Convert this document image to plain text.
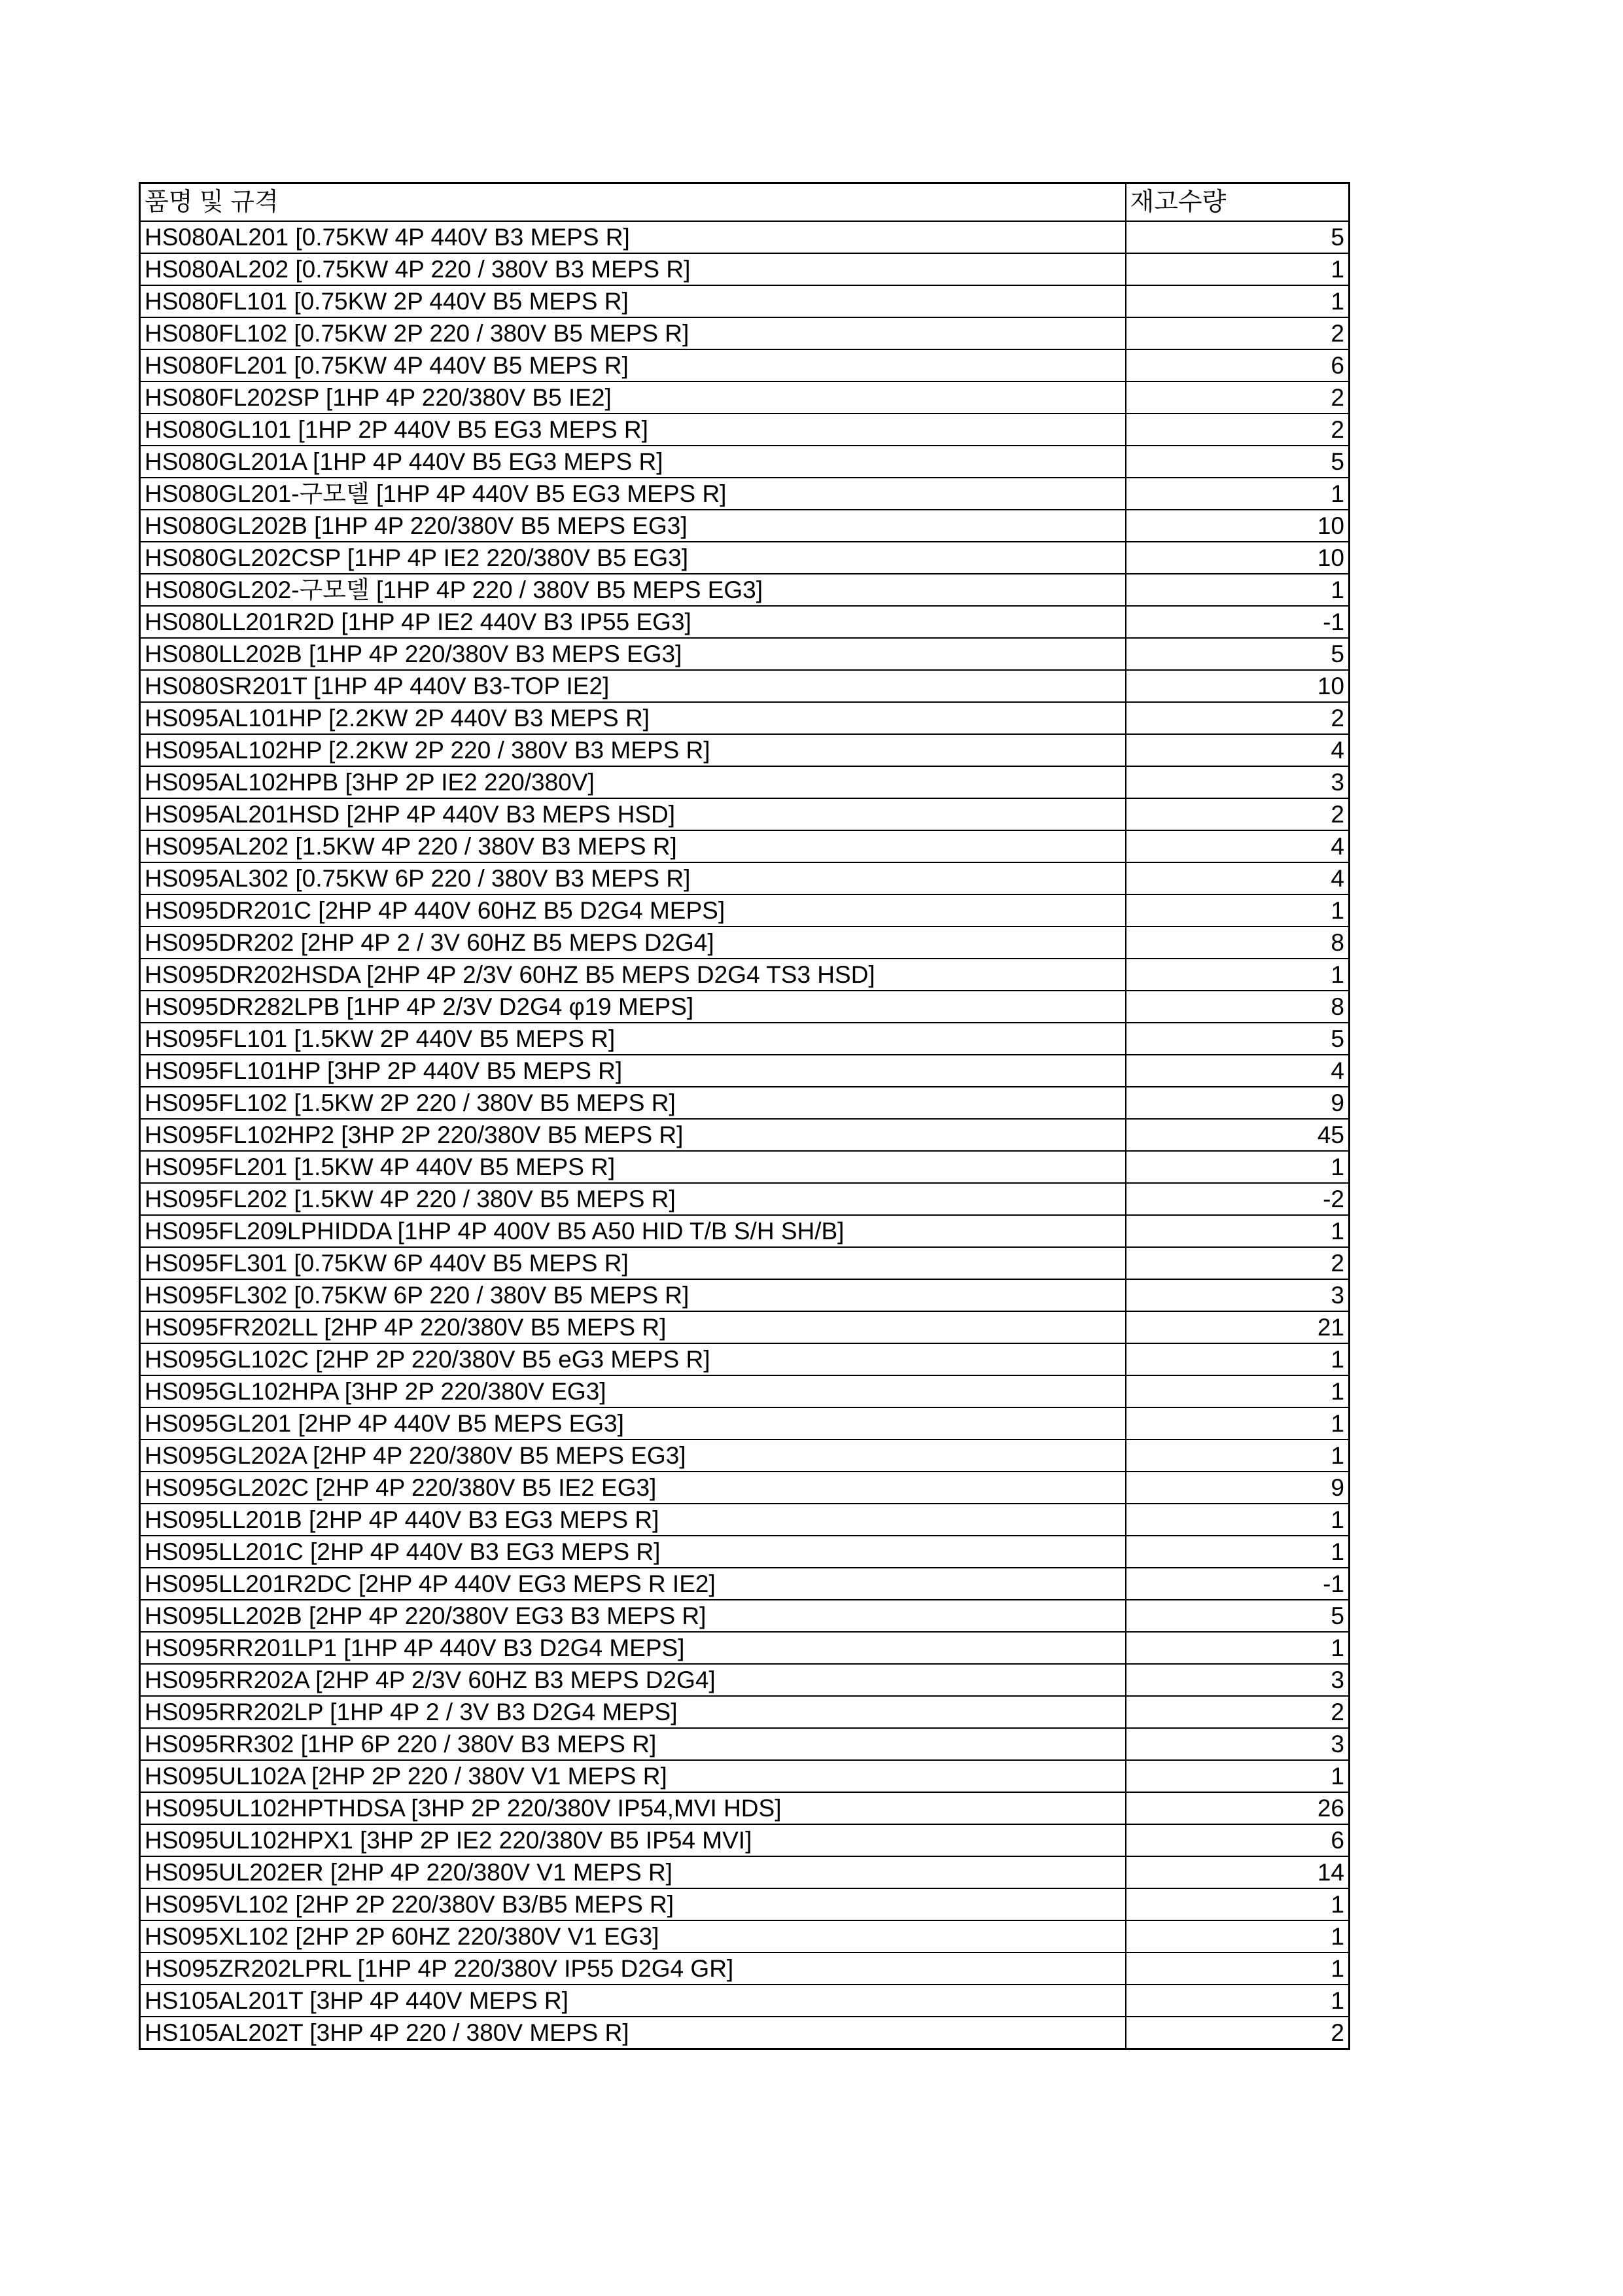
품명 및 규격	재고수량
HS080AL201 [0.75KW 4P 440V B3 MEPS R]	5
HS080AL202 [0.75KW 4P 220 / 380V B3 MEPS R]	1
HS080FL101 [0.75KW 2P 440V B5 MEPS R]	1
HS080FL102 [0.75KW 2P 220 / 380V B5 MEPS R]	2
HS080FL201 [0.75KW 4P 440V B5 MEPS R]	6
HS080FL202SP [1HP 4P 220/380V B5 IE2]	2
HS080GL101 [1HP 2P 440V B5 EG3 MEPS R]	2
HS080GL201A [1HP 4P 440V B5 EG3 MEPS R]	5
HS080GL201-구모델 [1HP 4P 440V B5 EG3 MEPS R]	1
HS080GL202B [1HP 4P 220/380V B5 MEPS EG3]	10
HS080GL202CSP [1HP 4P IE2 220/380V B5 EG3]	10
HS080GL202-구모델 [1HP 4P 220 / 380V B5 MEPS EG3]	1
HS080LL201R2D [1HP 4P IE2 440V B3 IP55 EG3]	-1
HS080LL202B [1HP 4P 220/380V B3 MEPS EG3]	5
HS080SR201T [1HP 4P 440V B3-TOP IE2]	10
HS095AL101HP [2.2KW 2P 440V B3 MEPS R]	2
HS095AL102HP [2.2KW 2P 220 / 380V B3 MEPS R]	4
HS095AL102HPB [3HP 2P IE2 220/380V]	3
HS095AL201HSD [2HP 4P 440V B3 MEPS HSD]	2
HS095AL202 [1.5KW 4P 220 / 380V B3 MEPS R]	4
HS095AL302 [0.75KW 6P 220 / 380V B3 MEPS R]	4
HS095DR201C [2HP 4P 440V 60HZ B5 D2G4 MEPS]	1
HS095DR202 [2HP 4P 2 / 3V 60HZ B5 MEPS D2G4]	8
HS095DR202HSDA [2HP 4P 2/3V 60HZ B5 MEPS D2G4 TS3 HSD]	1
HS095DR282LPB [1HP 4P 2/3V D2G4 φ19 MEPS]	8
HS095FL101 [1.5KW 2P 440V B5 MEPS R]	5
HS095FL101HP [3HP 2P 440V B5 MEPS R]	4
HS095FL102 [1.5KW 2P 220 / 380V B5 MEPS R]	9
HS095FL102HP2 [3HP 2P 220/380V B5 MEPS R]	45
HS095FL201 [1.5KW 4P 440V B5 MEPS R]	1
HS095FL202 [1.5KW 4P 220 / 380V B5 MEPS R]	-2
HS095FL209LPHIDDA [1HP 4P 400V B5 A50 HID T/B S/H SH/B]	1
HS095FL301 [0.75KW 6P 440V B5 MEPS R]	2
HS095FL302 [0.75KW 6P 220 / 380V B5 MEPS R]	3
HS095FR202LL [2HP 4P 220/380V B5 MEPS R]	21
HS095GL102C [2HP 2P 220/380V B5 eG3 MEPS R]	1
HS095GL102HPA [3HP 2P 220/380V EG3]	1
HS095GL201 [2HP 4P 440V B5 MEPS EG3]	1
HS095GL202A [2HP 4P 220/380V B5 MEPS EG3]	1
HS095GL202C [2HP 4P 220/380V B5 IE2 EG3]	9
HS095LL201B [2HP 4P 440V B3 EG3 MEPS R]	1
HS095LL201C [2HP 4P 440V B3 EG3 MEPS R]	1
HS095LL201R2DC [2HP 4P 440V EG3 MEPS R IE2]	-1
HS095LL202B [2HP 4P 220/380V EG3 B3 MEPS R]	5
HS095RR201LP1 [1HP 4P 440V B3 D2G4 MEPS]	1
HS095RR202A [2HP 4P 2/3V 60HZ B3 MEPS D2G4]	3
HS095RR202LP [1HP 4P 2 / 3V B3 D2G4 MEPS]	2
HS095RR302 [1HP 6P 220 / 380V B3 MEPS R]	3
HS095UL102A [2HP 2P 220 / 380V V1 MEPS R]	1
HS095UL102HPTHDSA [3HP 2P 220/380V IP54,MVI HDS]	26
HS095UL102HPX1 [3HP 2P IE2 220/380V B5 IP54 MVI]	6
HS095UL202ER [2HP 4P 220/380V V1 MEPS R]	14
HS095VL102 [2HP 2P 220/380V B3/B5 MEPS R]	1
HS095XL102 [2HP 2P 60HZ 220/380V V1 EG3]	1
HS095ZR202LPRL [1HP 4P 220/380V IP55 D2G4 GR]	1
HS105AL201T [3HP 4P 440V MEPS R]	1
HS105AL202T [3HP 4P 220 / 380V MEPS R]	2
